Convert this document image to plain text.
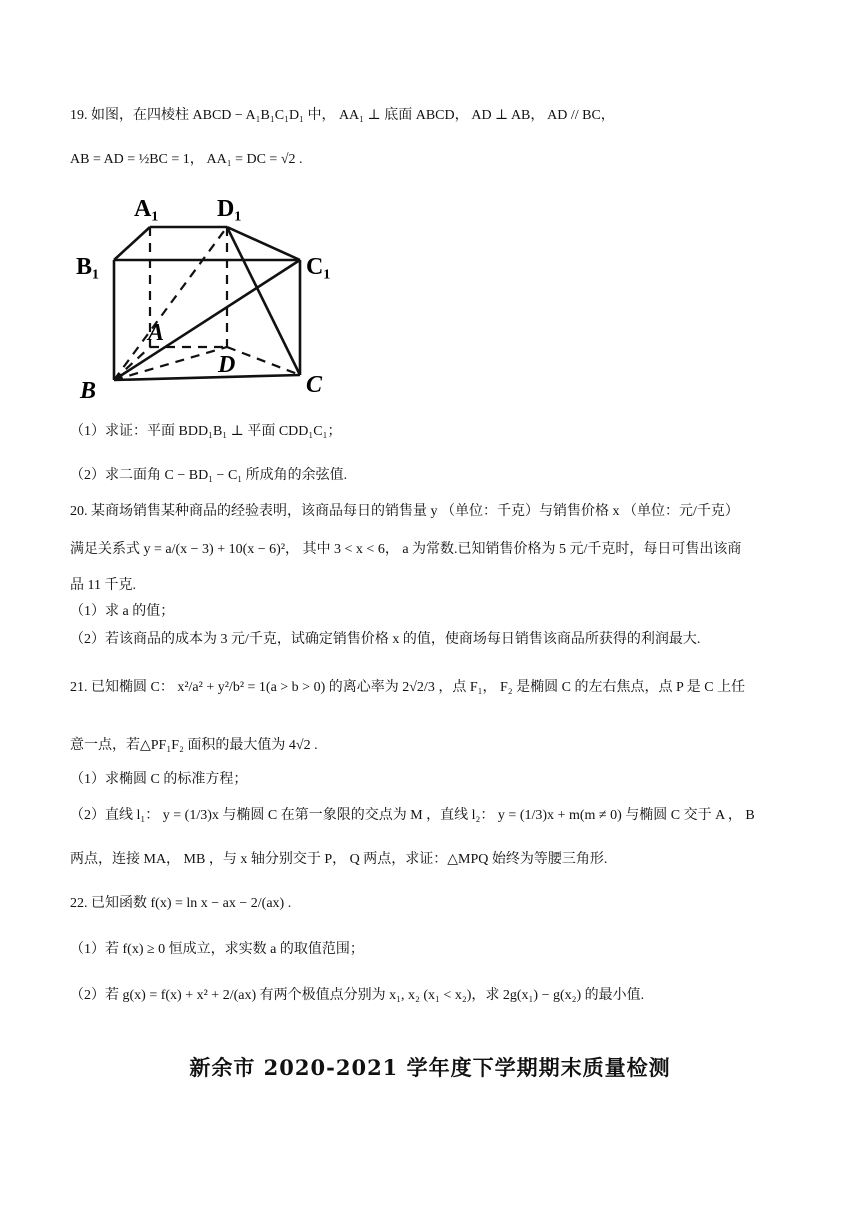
19. 如图，在四棱柱 ABCD − A₁B₁C₁D₁ 中， AA₁ ⊥ 底面 ABCD， AD ⊥ AB， AD // BC，
AB = AD = ½BC = 1， AA₁ = DC = √2 .
A₁ D₁
B₁	C₁
A
D
B	C
（1）求证：平面 BDD₁B₁ ⊥ 平面 CDD₁C₁；
（2）求二面角 C − BD₁ − C₁ 所成角的余弦值.
20. 某商场销售某种商品的经验表明，该商品每日的销售量 y （单位：千克）与销售价格 x （单位：元/千克）
满足关系式 y = a/(x − 3) + 10(x − 6)²， 其中 3 < x < 6， a 为常数.已知销售价格为 5 元/千克时，每日可售出该商
品 11 千克.
（1）求 a 的值；
（2）若该商品的成本为 3 元/千克，试确定销售价格 x 的值，使商场每日销售该商品所获得的利润最大.
21. 已知椭圆 C： x²/a² + y²/b² = 1(a > b > 0) 的离心率为 2√2/3 ，点 F₁， F₂ 是椭圆 C 的左右焦点，点 P 是 C 上任
意一点，若△PF₁F₂ 面积的最大值为 4√2 .
（1）求椭圆 C 的标准方程；
（2）直线 l₁： y = (1/3)x 与椭圆 C 在第一象限的交点为 M ，直线 l₂： y = (1/3)x + m(m ≠ 0) 与椭圆 C 交于 A ， B
两点，连接 MA， MB ，与 x 轴分别交于 P， Q 两点，求证：△MPQ 始终为等腰三角形.
22. 已知函数 f(x) = ln x − ax − 2/(ax) .
（1）若 f(x) ≥ 0 恒成立，求实数 a 的取值范围；
（2）若 g(x) = f(x) + x² + 2/(ax) 有两个极值点分别为 x₁, x₂ (x₁ < x₂)，求 2g(x₁) − g(x₂) 的最小值.
新余市 2020-2021 学年度下学期期末质量检测
